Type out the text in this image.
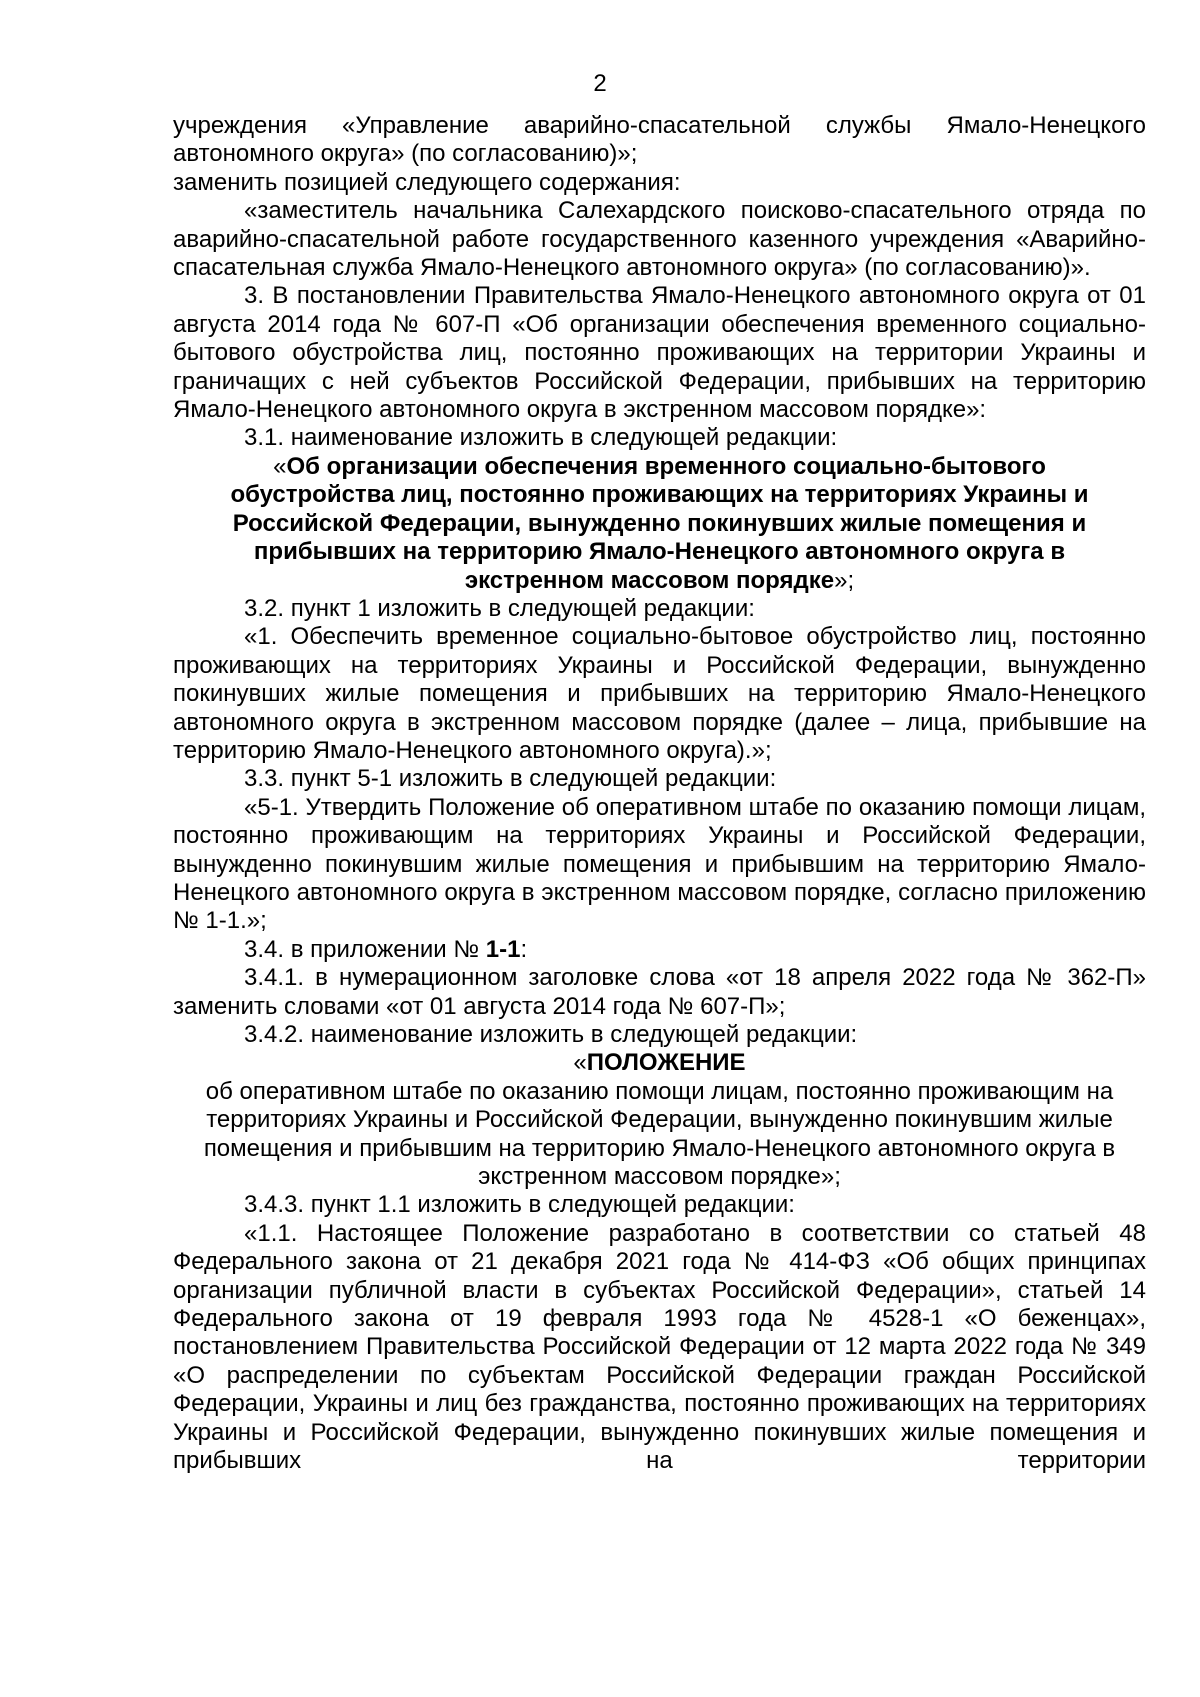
2

учреждения «Управление аварийно-спасательной службы Ямало-Ненецкого автономного округа» (по согласованию)»;

заменить позицией следующего содержания:

«заместитель начальника Салехардского поисково-спасательного отряда по аварийно-спасательной работе государственного казенного учреждения «Аварийно-спасательная служба Ямало-Ненецкого автономного округа» (по согласованию)».

3. В постановлении Правительства Ямало-Ненецкого автономного округа от 01 августа 2014 года № 607-П «Об организации обеспечения временного социально-бытового обустройства лиц, постоянно проживающих на территории Украины и граничащих с ней субъектов Российской Федерации, прибывших на территорию Ямало-Ненецкого автономного округа в экстренном массовом порядке»:

3.1. наименование изложить в следующей редакции:

«Об организации обеспечения временного социально-бытового обустройства лиц, постоянно проживающих на территориях Украины и Российской Федерации, вынужденно покинувших жилые помещения и прибывших на территорию Ямало-Ненецкого автономного округа в экстренном массовом порядке»;

3.2. пункт 1 изложить в следующей редакции:

«1. Обеспечить временное социально-бытовое обустройство лиц, постоянно проживающих на территориях Украины и Российской Федерации, вынужденно покинувших жилые помещения и прибывших на территорию Ямало-Ненецкого автономного округа в экстренном массовом порядке (далее – лица, прибывшие на территорию Ямало-Ненецкого автономного округа).»;

3.3. пункт 5-1 изложить в следующей редакции:

«5-1. Утвердить Положение об оперативном штабе по оказанию помощи лицам, постоянно проживающим на территориях Украины и Российской Федерации, вынужденно покинувшим жилые помещения и прибывшим на территорию Ямало-Ненецкого автономного округа в экстренном массовом порядке, согласно приложению № 1-1.»;

3.4. в приложении № 1-1:

3.4.1. в нумерационном заголовке слова «от 18 апреля 2022 года № 362-П» заменить словами «от 01 августа 2014 года № 607-П»;

3.4.2. наименование изложить в следующей редакции:

«ПОЛОЖЕНИЕ

об оперативном штабе по оказанию помощи лицам, постоянно проживающим на территориях Украины и Российской Федерации, вынужденно покинувшим жилые помещения и прибывшим на территорию Ямало-Ненецкого автономного округа в экстренном массовом порядке»;

3.4.3. пункт 1.1 изложить в следующей редакции:

«1.1. Настоящее Положение разработано в соответствии со статьей 48 Федерального закона от 21 декабря 2021 года № 414-ФЗ «Об общих принципах организации публичной власти в субъектах Российской Федерации», статьей 14 Федерального закона от 19 февраля 1993 года № 4528-1 «О беженцах», постановлением Правительства Российской Федерации от 12 марта 2022 года № 349 «О распределении по субъектам Российской Федерации граждан Российской Федерации, Украины и лиц без гражданства, постоянно проживающих на территориях Украины и Российской Федерации, вынужденно покинувших жилые помещения и прибывших на территории
